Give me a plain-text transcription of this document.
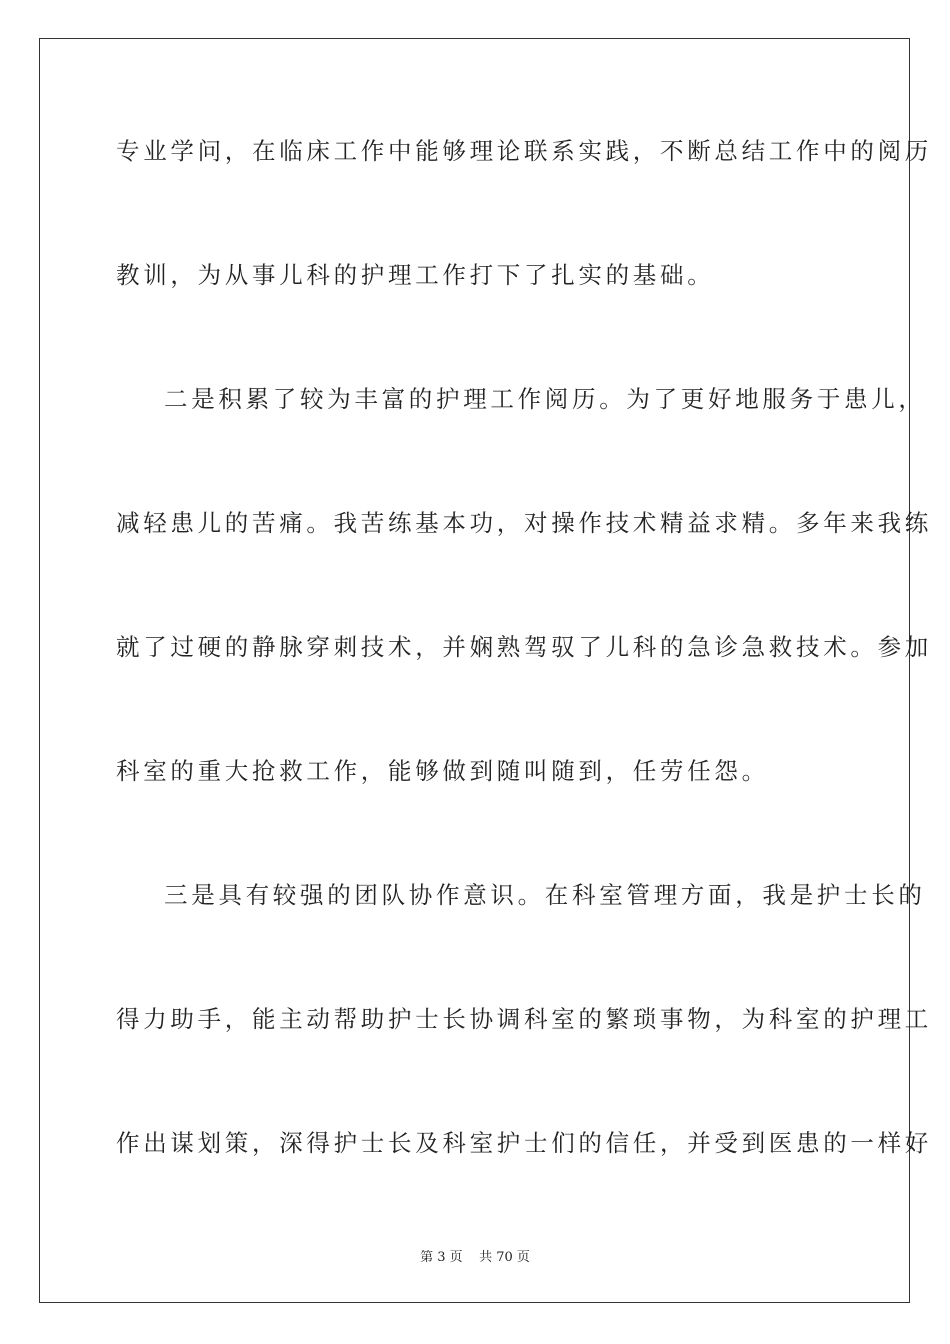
专业学问，在临床工作中能够理论联系实践，不断总结工作中的阅历
教训，为从事儿科的护理工作打下了扎实的基础。
二是积累了较为丰富的护理工作阅历。为了更好地服务于患儿，
减轻患儿的苦痛。我苦练基本功，对操作技术精益求精。多年来我练
就了过硬的静脉穿刺技术，并娴熟驾驭了儿科的急诊急救技术。参加
科室的重大抢救工作，能够做到随叫随到，任劳任怨。
三是具有较强的团队协作意识。在科室管理方面，我是护士长的
得力助手，能主动帮助护士长协调科室的繁琐事物，为科室的护理工
作出谋划策，深得护士长及科室护士们的信任，并受到医患的一样好
第 3 页    共 70 页
